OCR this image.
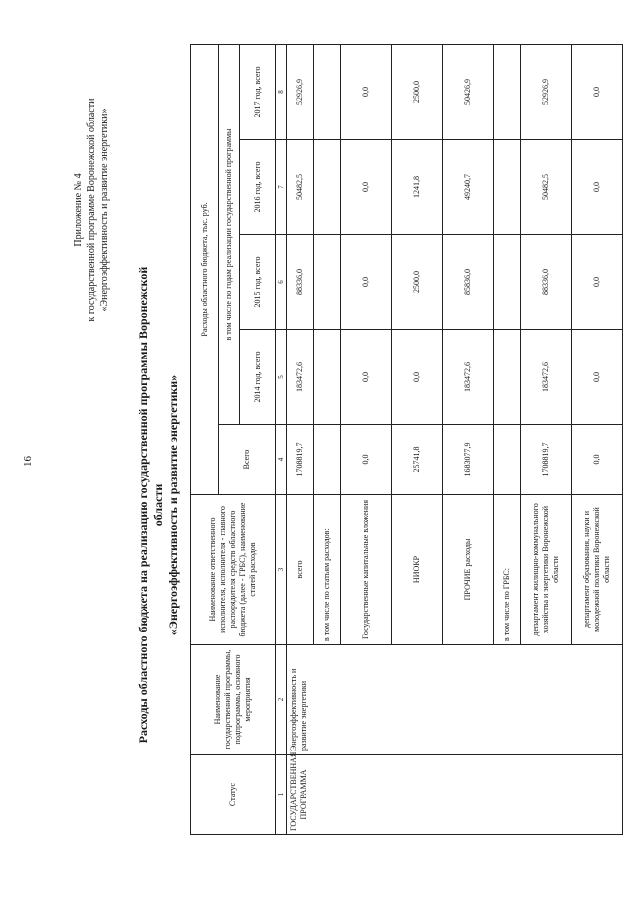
16
Приложение № 4 к государственной программе Воронежской области «Энергоэффективность и развитие энергетики»
Расходы областного бюджета на реализацию государственной программы Воронежской области «Энергоэффективность и развитие энергетики»
Статус	Наименование государственной программы, подпрограммы, основного мероприятия	Наименование ответственного исполнителя, исполнителя - главного распорядителя средств областного бюджета (далее - ГРБС), наименование статей расходов	Расходы областного бюджета, тыс. руб.				
			Всего	в том числе по годам реализации государственной программы			
				2014 год, всего	2015 год, всего	2016 год, всего	2017 год, всего
1	2	3	4	5	6	7	8
ГОСУДАРСТВЕННАЯ ПРОГРАММА	Энергоэффективность и развитие энергетики	всего	1708819,7	183472,6	88336,0	50482,5	52926,9
		в том числе по статьям расходов:					
		Государственные капитальные вложения	0,0	0,0	0,0	0,0	0,0
		НИОКР	25741,8	0,0	2500,0	1241,8	2500,0
		ПРОЧИЕ расходы	1683077,9	183472,6	85836,0	49240,7	50426,9
		в том числе по ГРБС:					
		департамент жилищно-коммунального хозяйства и энергетики Воронежской области	1708819,7	183472,6	88336,0	50482,5	52926,9
		департамент образования, науки и молодежной политики Воронежской области	0,0	0,0	0,0	0,0	0,0
